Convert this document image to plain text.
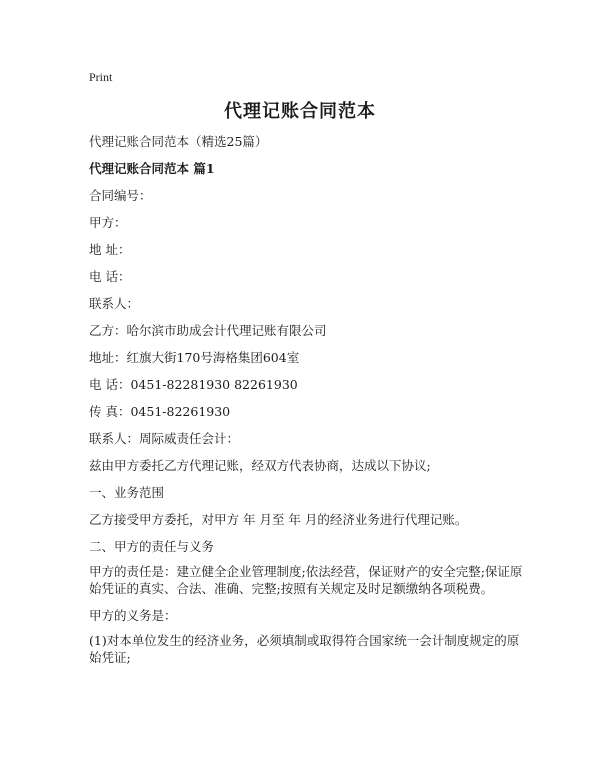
Print
代理记账合同范本
代理记账合同范本（精选25篇）
代理记账合同范本 篇1
合同编号：
甲方：
地 址：
电 话：
联系人：
乙方：哈尔滨市助成会计代理记账有限公司
地址：红旗大街170号海格集团604室
电 话：0451-82281930 82261930
传 真：0451-82261930
联系人：周际威责任会计：
兹由甲方委托乙方代理记账，经双方代表协商，达成以下协议;
一、业务范围
乙方接受甲方委托，对甲方 年 月至 年 月的经济业务进行代理记账。
二、甲方的责任与义务
甲方的责任是：建立健全企业管理制度;依法经营，保证财产的安全完整;保证原始凭证的真实、合法、准确、完整;按照有关规定及时足额缴纳各项税费。
甲方的义务是：
(1)对本单位发生的经济业务，必须填制或取得符合国家统一会计制度规定的原始凭证;
